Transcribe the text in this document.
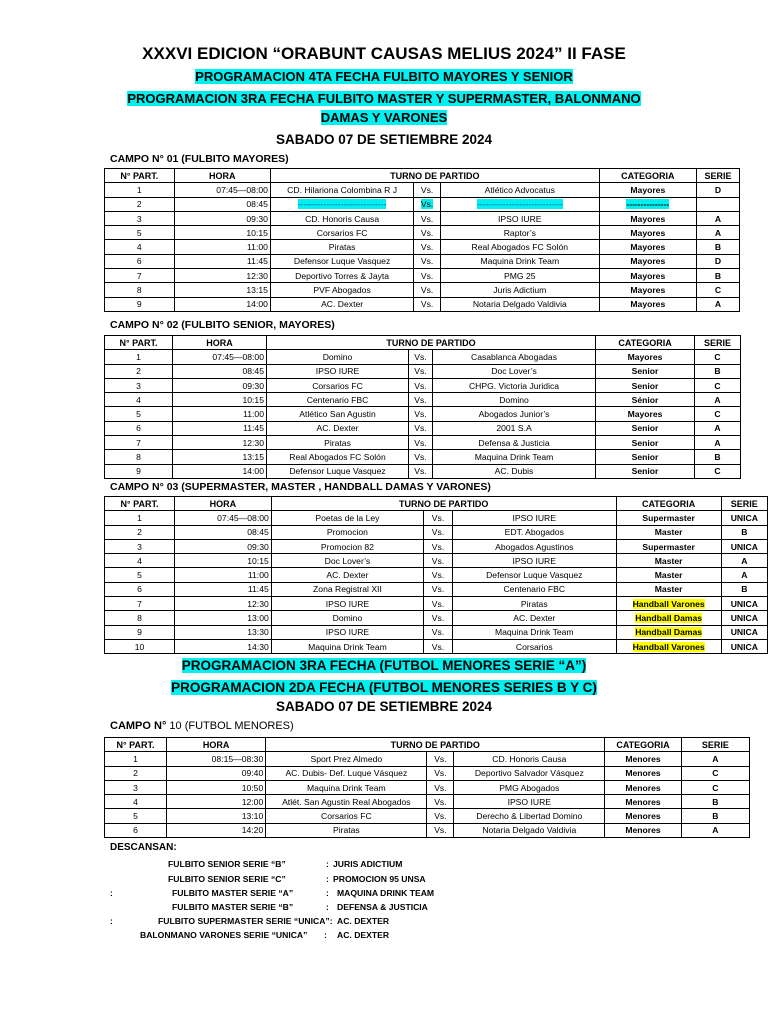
XXXVI EDICION “ORABUNT CAUSAS MELIUS 2024” II FASE
PROGRAMACION 4TA FECHA FULBITO MAYORES Y SENIOR
PROGRAMACION 3RA FECHA FULBITO MASTER Y SUPERMASTER, BALONMANO
DAMAS Y VARONES
SABADO 07 DE SETIEMBRE 2024
CAMPO N° 01 (FULBITO MAYORES)
N° PART.	HORA	TURNO DE PARTIDO			CATEGORIA	SERIE
1	07:45—08:00	CD. Hilariona Colombina R J	Vs.	Atlético Advocatus	Mayores	D
2	08:45	-------------------------------	Vs.	------------------------------	---------------	
3	09:30	CD. Honoris Causa	Vs.	IPSO IURE	Mayores	A
5	10:15	Corsarios FC	Vs.	Raptor’s	Mayores	A
4	11:00	Piratas	Vs.	Real Abogados FC Solón	Mayores	B
6	11:45	Defensor Luque Vasquez	Vs.	Maquina Drink Team	Mayores	D
7	12:30	Deportivo Torres & Jayta	Vs.	PMG 25	Mayores	B
8	13:15	PVF Abogados	Vs.	Juris Adictium	Mayores	C
9	14:00	AC. Dexter	Vs.	Notaria Delgado Valdivia	Mayores	A
CAMPO N° 02 (FULBITO SENIOR, MAYORES)
N° PART.	HORA	TURNO DE PARTIDO			CATEGORIA	SERIE
1	07:45—08:00	Domino	Vs.	Casablanca Abogadas	Mayores	C
2	08:45	IPSO IURE	Vs.	Doc Lover’s	Senior	B
3	09:30	Corsarios FC	Vs.	CHPG. Victoria Juridica	Senior	C
4	10:15	Centenario FBC	Vs.	Domino	Sénior	A
5	11:00	Atlético San Agustin	Vs.	Abogados Junior’s	Mayores	C
6	11:45	AC. Dexter	Vs.	2001 S.A	Senior	A
7	12:30	Piratas	Vs.	Defensa & Justicia	Senior	A
8	13:15	Real Abogados FC Solón	Vs.	Maquina Drink Team	Senior	B
9	14:00	Defensor Luque Vasquez	Vs.	AC. Dubis	Senior	C
CAMPO N° 03 (SUPERMASTER, MASTER , HANDBALL DAMAS Y VARONES)
N° PART.	HORA	TURNO DE PARTIDO			CATEGORIA	SERIE
1	07:45—08:00	Poetas de la Ley	Vs.	IPSO IURE	Supermaster	UNICA
2	08:45	Promocion	Vs.	EDT. Abogados	Master	B
3	09:30	Promocion 82	Vs.	Abogados Agustinos	Supermaster	UNICA
4	10:15	Doc Lover’s	Vs.	IPSO IURE	Master	A
5	11:00	AC. Dexter	Vs.	Defensor Luque Vasquez	Master	A
6	11:45	Zona Registral XII	Vs.	Centenario FBC	Master	B
7	12:30	IPSO IURE	Vs.	Piratas	Handball Varones	UNICA
8	13:00	Domino	Vs.	AC. Dexter	Handball Damas	UNICA
9	13:30	IPSO IURE	Vs.	Maquina Drink Team	Handball Damas	UNICA
10	14:30	Maquina Drink Team	Vs.	Corsarios	Handball Varones	UNICA
PROGRAMACION 3RA FECHA (FUTBOL MENORES SERIE “A”)
PROGRAMACION 2DA FECHA (FUTBOL MENORES SERIES B Y C)
SABADO 07 DE SETIEMBRE 2024
CAMPO N° 10 (FUTBOL MENORES)
N° PART.	HORA	TURNO DE PARTIDO			CATEGORIA	SERIE
1	08:15—08:30	Sport Prez Almedo	Vs.	CD. Honoris Causa	Menores	A
2	09:40	AC. Dubis- Def. Luque Vásquez	Vs.	Deportivo Salvador Vásquez	Menores	C
3	10:50	Maquina Drink Team	Vs.	PMG Abogados	Menores	C
4	12:00	Atlét. San Agustin Real Abogados	Vs.	IPSO IURE	Menores	B
5	13:10	Corsarios FC	Vs.	Derecho & Libertad Domino	Menores	B
6	14:20	Piratas	Vs.	Notaria Delgado Valdivia	Menores	A
DESCANSAN:
FULBITO SENIOR SERIE “B”	: JURIS ADICTIUM
FULBITO SENIOR SERIE “C”	: PROMOCION 95 UNSA
:	FULBITO MASTER SERIE “A”	: MAQUINA DRINK TEAM
FULBITO MASTER SERIE “B”	: DEFENSA & JUSTICIA
:	FULBITO SUPERMASTER SERIE “UNICA”: AC. DEXTER
BALONMANO VARONES SERIE “UNICA” : AC. DEXTER
